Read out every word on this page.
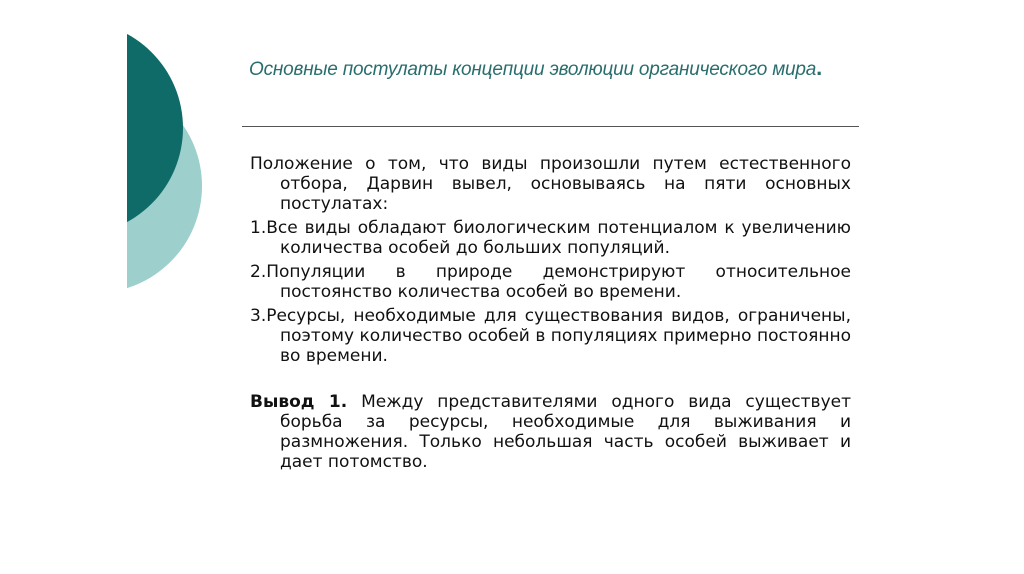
Основные постулаты концепции эволюции органического мира.

Положение о том, что виды произошли путем естественного отбора, Дарвин вывел, основываясь на пяти основных постулатах:

1.Все виды обладают биологическим потенциалом к увеличению количества особей до больших популяций.

2.Популяции в природе демонстрируют относительное постоянство количества особей во времени.

3.Ресурсы, необходимые для существования видов, ограничены, поэтому количество особей в популяциях примерно постоянно во времени.

Вывод 1. Между представителями одного вида существует борьба за ресурсы, необходимые для выживания и размножения. Только небольшая часть особей выживает и дает потомство.
